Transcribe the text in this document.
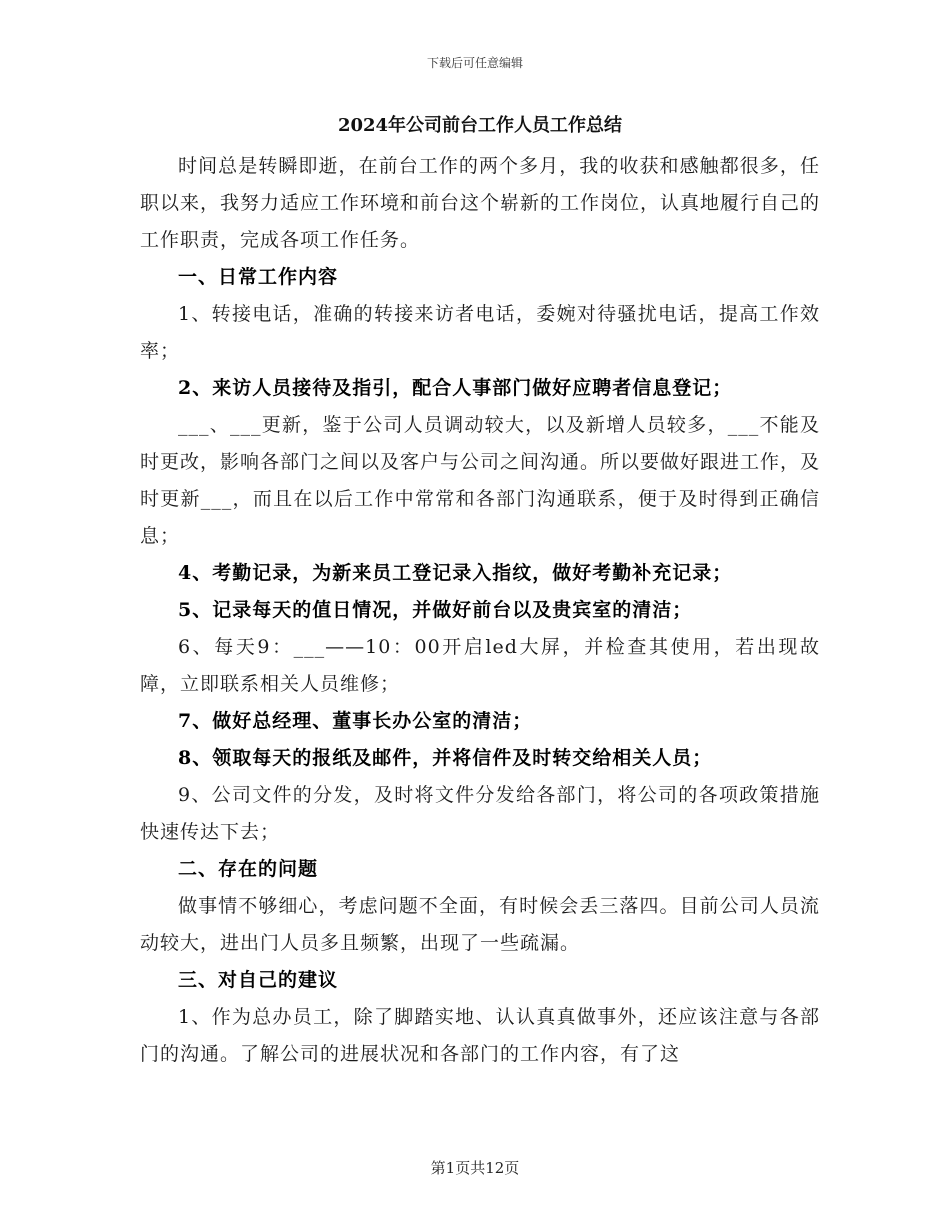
下载后可任意编辑
2024年公司前台工作人员工作总结

时间总是转瞬即逝，在前台工作的两个多月，我的收获和感触都很多，任职以来，我努力适应工作环境和前台这个崭新的工作岗位，认真地履行自己的工作职责，完成各项工作任务。

一、日常工作内容

1、转接电话，准确的转接来访者电话，委婉对待骚扰电话，提高工作效率；

2、来访人员接待及指引，配合人事部门做好应聘者信息登记；

___、___更新，鉴于公司人员调动较大，以及新增人员较多，___不能及时更改，影响各部门之间以及客户与公司之间沟通。所以要做好跟进工作，及时更新___，而且在以后工作中常常和各部门沟通联系，便于及时得到正确信息；

4、考勤记录，为新来员工登记录入指纹，做好考勤补充记录；

5、记录每天的值日情况，并做好前台以及贵宾室的清洁；

6、每天9：___——10：00开启led大屏，并检查其使用，若出现故障，立即联系相关人员维修；

7、做好总经理、董事长办公室的清洁；

8、领取每天的报纸及邮件，并将信件及时转交给相关人员；

9、公司文件的分发，及时将文件分发给各部门，将公司的各项政策措施快速传达下去；

二、存在的问题

做事情不够细心，考虑问题不全面，有时候会丢三落四。目前公司人员流动较大，进出门人员多且频繁，出现了一些疏漏。

三、对自己的建议

1、作为总办员工，除了脚踏实地、认认真真做事外，还应该注意与各部门的沟通。了解公司的进展状况和各部门的工作内容，有了这

第1页共12页
